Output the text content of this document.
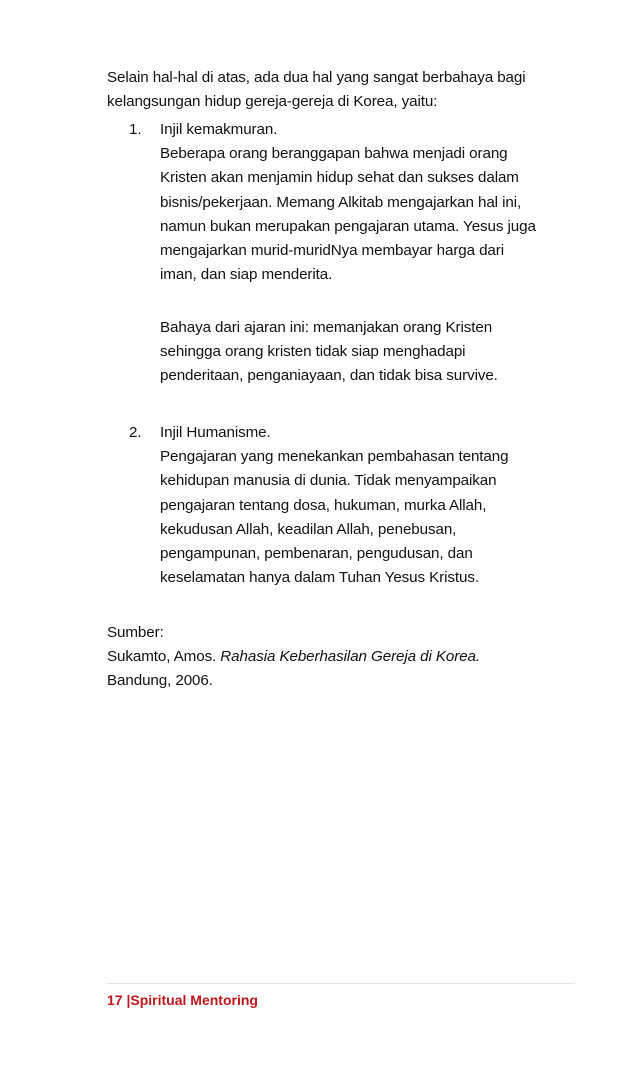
Selain hal-hal di atas, ada dua hal yang sangat berbahaya bagi

kelangsungan hidup gereja-gereja di Korea, yaitu:

1. Injil kemakmuran.

Beberapa orang beranggapan bahwa menjadi orang

Kristen akan menjamin hidup sehat dan sukses dalam

bisnis/pekerjaan. Memang Alkitab mengajarkan hal ini,

namun bukan merupakan pengajaran utama. Yesus juga

mengajarkan murid-muridNya membayar harga dari

iman, dan siap menderita.

Bahaya dari ajaran ini: memanjakan orang Kristen

sehingga orang kristen tidak siap menghadapi

penderitaan, penganiayaan, dan tidak bisa survive.

2. Injil Humanisme.

Pengajaran yang menekankan pembahasan tentang

kehidupan manusia di dunia. Tidak menyampaikan

pengajaran tentang dosa, hukuman, murka Allah,

kekudusan Allah, keadilan Allah, penebusan,

pengampunan, pembenaran, pengudusan, dan

keselamatan hanya dalam Tuhan Yesus Kristus.

Sumber:

Sukamto, Amos. Rahasia Keberhasilan Gereja di Korea.

Bandung, 2006.

17 |Spiritual Mentoring
